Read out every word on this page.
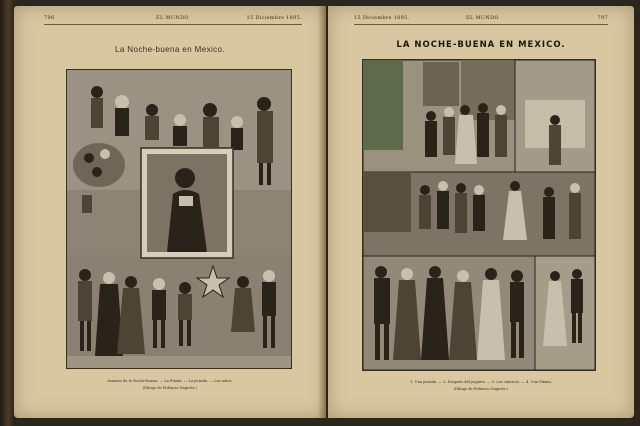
796	EL MUNDO	15 Diciembre 1895.
La Noche-buena en Mexico.
Asuntos de la Noche-buena. — La Piñata. — La posada. — Los niños.
(Dibujo de Fidencio Nagrete.)
15 Diciembre 1895.	EL MUNDO	797
LA NOCHE-BUENA EN MEXICO.
1. Una posada. — 2. Después del juguete. — 3. Los cánticos. — 4. Una Piñata.
(Dibujo de Fidencio Nagrete.)
